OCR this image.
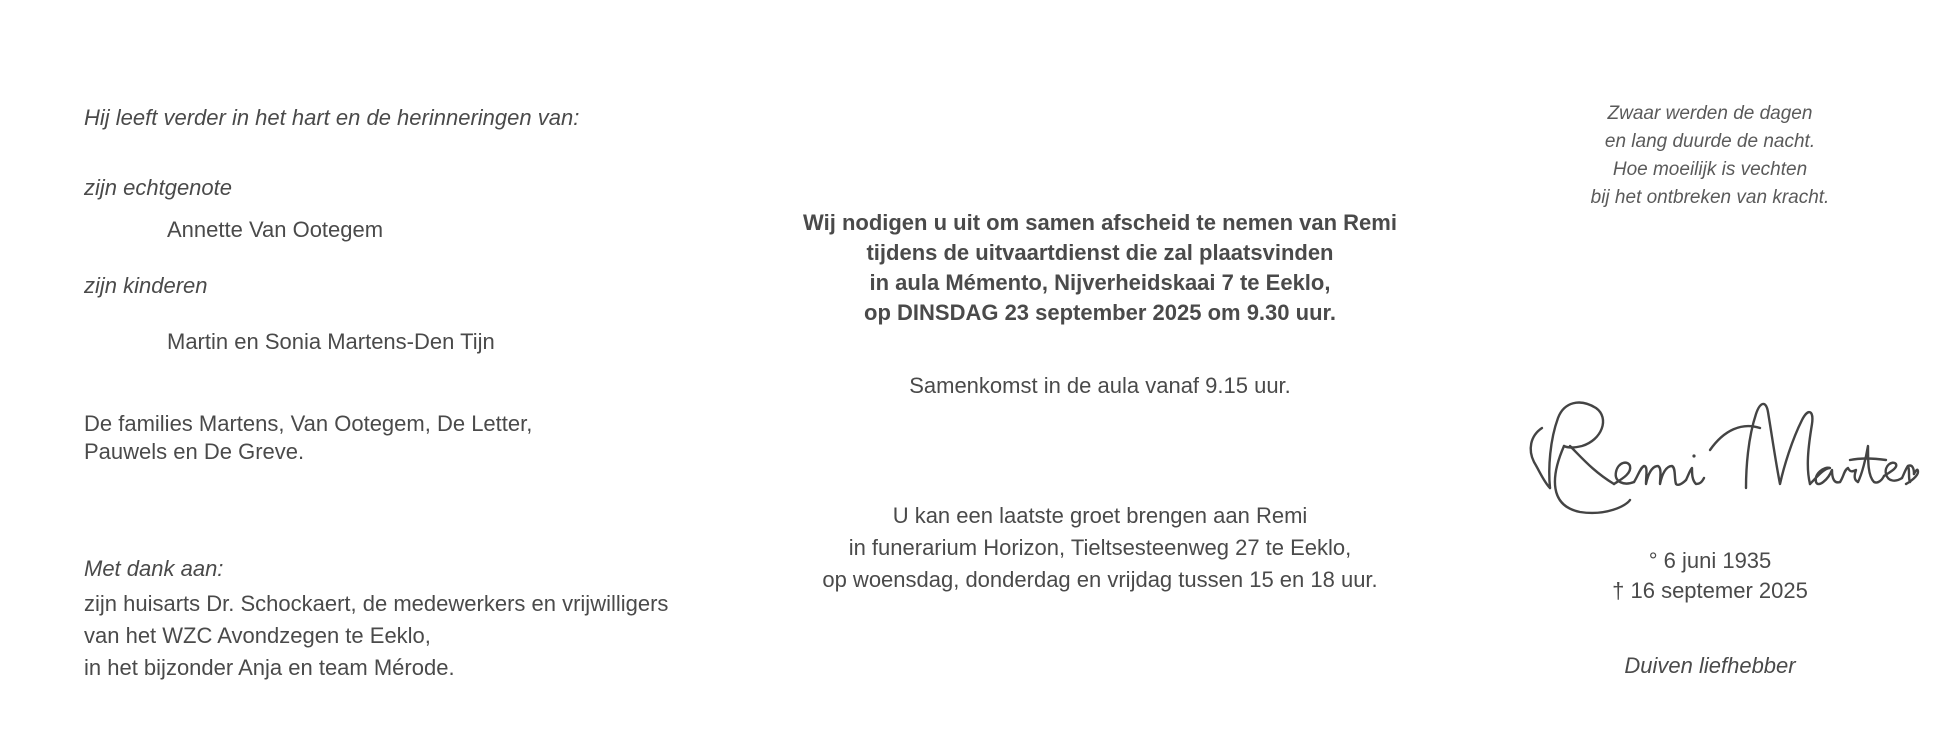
Hij leeft verder in het hart en de herinneringen van:
zijn echtgenote
Annette Van Ootegem
zijn kinderen
Martin en Sonia Martens-Den Tijn
De families Martens, Van Ootegem, De Letter,
Pauwels en De Greve.
Met dank aan:
zijn huisarts Dr. Schockaert, de medewerkers en vrijwilligers
van het WZC Avondzegen te Eeklo,
in het bijzonder Anja en team Mérode.
Wij nodigen u uit om samen afscheid te nemen van Remi
tijdens de uitvaartdienst die zal plaatsvinden
in aula Mémento, Nijverheidskaai 7 te Eeklo,
op DINSDAG 23 september 2025 om 9.30 uur.
Samenkomst in de aula vanaf 9.15 uur.
U kan een laatste groet brengen aan Remi
in funerarium Horizon, Tieltsesteenweg 27 te Eeklo,
op woensdag, donderdag en vrijdag tussen 15 en 18 uur.
Zwaar werden de dagen
en lang duurde de nacht.
Hoe moeilijk is vechten
bij het ontbreken van kracht.
° 6 juni 1935
† 16 septemer 2025
Duiven liefhebber
